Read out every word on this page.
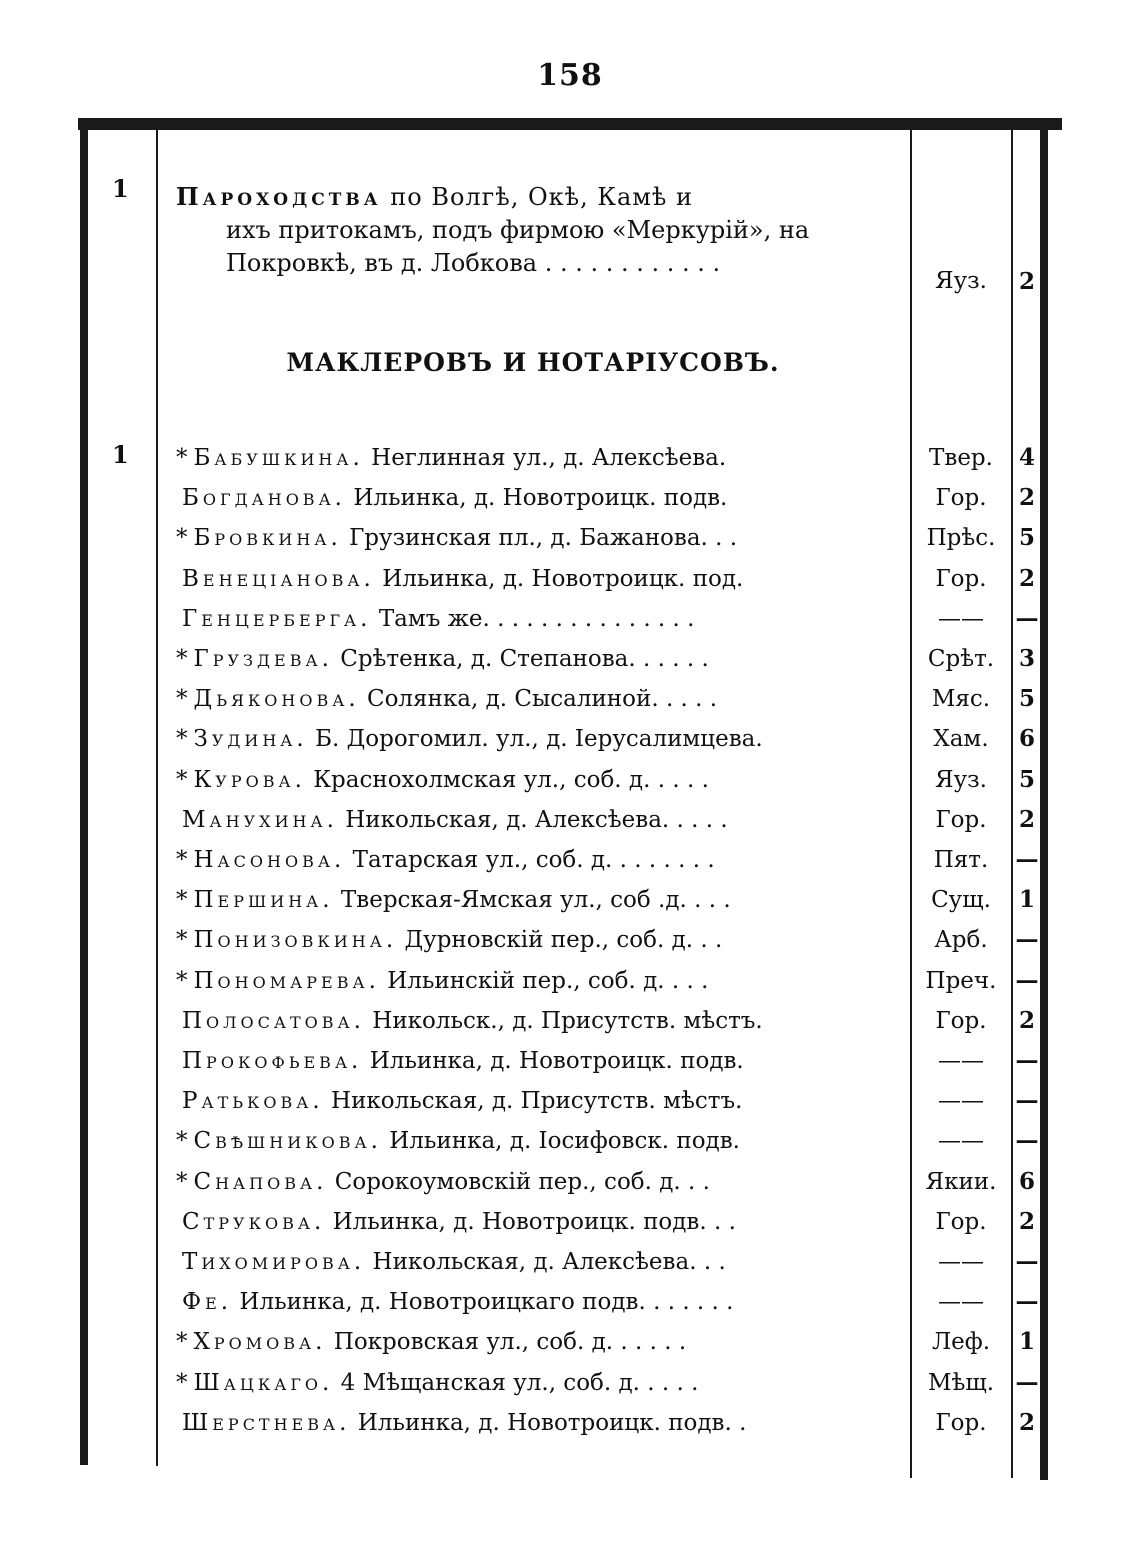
158
1 Пароходства по Волгѣ, Окѣ, Камѣ и
ихъ притокамъ, подъ фирмою «Меркурій», на
Покровкѣ, въ д. Лобкова . . . . . . . . . . . .
Яуз.	2
МАКЛЕРОВЪ И НОТАРІУСОВЪ.
1 * Бабушкина. Неглинная ул., д. Алексѣева.	Твер.	4
Богданова. Ильинка, д. Новотроицк. подв.	Гор.	2
* Бровкина. Грузинская пл., д. Бажанова. . .	Прѣс.	5
Венеціанова. Ильинка, д. Новотроицк. под.	Гор.	2
Генцерберга. Тамъ же. . . . . . . . . . . . . . .	——	—
* Груздева. Срѣтенка, д. Степанова. . . . . .	Срѣт.	3
* Дьяконова. Солянка, д. Сысалиной. . . . .	Мяс.	5
* Зудина. Б. Дорогомил. ул., д. Іерусалимцева.	Хам.	6
* Курова. Краснохолмская ул., соб. д. . . . .	Яуз.	5
Манухина. Никольская, д. Алексѣева. . . . .	Гор.	2
* Насонова. Татарская ул., соб. д. . . . . . . .	Пят.	—
* Першина. Тверская-Ямская ул., соб .д. . . .	Сущ.	1
* Понизовкина. Дурновскій пер., соб. д. . .	Арб.	—
* Пономарева. Ильинскій пер., соб. д. . . .	Преч. —
Полосатова. Никольск., д. Присутств. мѣстъ.	Гор.	2
Прокофьева. Ильинка, д. Новотроицк. подв.	——	—
Ратькова. Никольская, д. Присутств. мѣстъ.	——	—
* Свѣшникова. Ильинка, д. Іосифовск. подв.	——	—
* Снапова. Сорокоумовскій пер., соб. д. . .	Якии. 6
Струкова. Ильинка, д. Новотроицк. подв. . .	Гор.	2
Тихомирова. Никольская, д. Алексѣева. . .	——	—
Фе. Ильинка, д. Новотроицкаго подв. . . . . . .	——	—
* Хромова. Покровская ул., соб. д. . . . . .	Леф.	1
* Шацкаго. 4 Мѣщанская ул., соб. д. . . . .	Мѣщ. —
Шерстнева. Ильинка, д. Новотроицк. подв. .	Гор.	2
